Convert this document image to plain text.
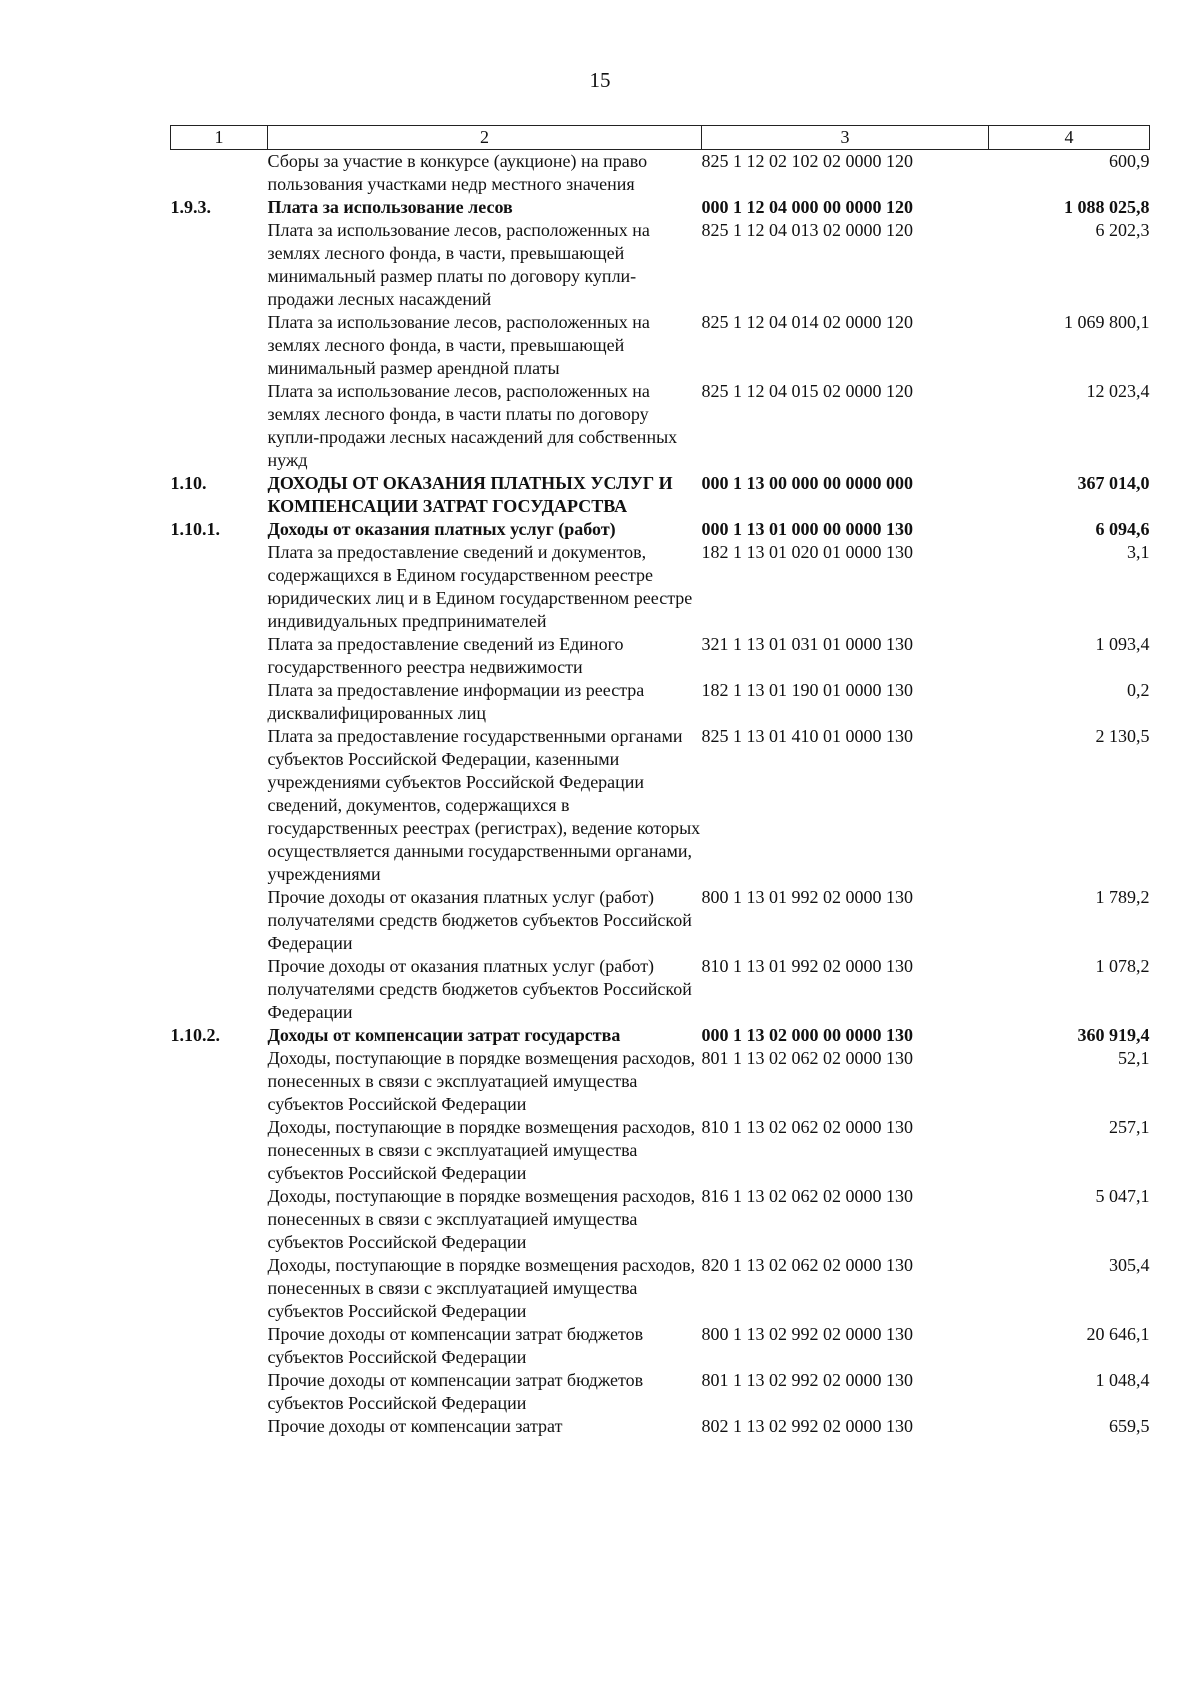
15
1	2	3	4
	Сборы за участие в конкурсе (аукционе) на право пользования участками недр местного значения	825 1 12 02 102 02 0000 120	600,9
1.9.3.	Плата за использование лесов	000 1 12 04 000 00 0000 120	1 088 025,8
	Плата за использование лесов, расположенных на землях лесного фонда, в части, превышающей минимальный размер платы по договору купли-продажи лесных насаждений	825 1 12 04 013 02 0000 120	6 202,3
	Плата за использование лесов, расположенных на землях лесного фонда, в части, превышающей минимальный размер арендной платы	825 1 12 04 014 02 0000 120	1 069 800,1
	Плата за использование лесов, расположенных на землях лесного фонда, в части платы по договору купли-продажи лесных насаждений для собственных нужд	825 1 12 04 015 02 0000 120	12 023,4
1.10.	ДОХОДЫ ОТ ОКАЗАНИЯ ПЛАТНЫХ УСЛУГ И КОМПЕНСАЦИИ ЗАТРАТ ГОСУДАРСТВА	000 1 13 00 000 00 0000 000	367 014,0
1.10.1.	Доходы от оказания платных услуг (работ)	000 1 13 01 000 00 0000 130	6 094,6
	Плата за предоставление сведений и документов, содержащихся в Едином государственном реестре юридических лиц и в Едином государственном реестре индивидуальных предпринимателей	182 1 13 01 020 01 0000 130	3,1
	Плата за предоставление сведений из Единого государственного реестра недвижимости	321 1 13 01 031 01 0000 130	1 093,4
	Плата за предоставление информации из реестра дисквалифицированных лиц	182 1 13 01 190 01 0000 130	0,2
	Плата за предоставление государственными органами субъектов Российской Федерации, казенными учреждениями субъектов Российской Федерации сведений, документов, содержащихся в государственных реестрах (регистрах), ведение которых осуществляется данными государственными органами, учреждениями	825 1 13 01 410 01 0000 130	2 130,5
	Прочие доходы от оказания платных услуг (работ) получателями средств бюджетов субъектов Российской Федерации	800 1 13 01 992 02 0000 130	1 789,2
	Прочие доходы от оказания платных услуг (работ) получателями средств бюджетов субъектов Российской Федерации	810 1 13 01 992 02 0000 130	1 078,2
1.10.2.	Доходы от компенсации затрат государства	000 1 13 02 000 00 0000 130	360 919,4
	Доходы, поступающие в порядке возмещения расходов, понесенных в связи с эксплуатацией имущества субъектов Российской Федерации	801 1 13 02 062 02 0000 130	52,1
	Доходы, поступающие в порядке возмещения расходов, понесенных в связи с эксплуатацией имущества субъектов Российской Федерации	810 1 13 02 062 02 0000 130	257,1
	Доходы, поступающие в порядке возмещения расходов, понесенных в связи с эксплуатацией имущества субъектов Российской Федерации	816 1 13 02 062 02 0000 130	5 047,1
	Доходы, поступающие в порядке возмещения расходов, понесенных в связи с эксплуатацией имущества субъектов Российской Федерации	820 1 13 02 062 02 0000 130	305,4
	Прочие доходы от компенсации затрат бюджетов субъектов Российской Федерации	800 1 13 02 992 02 0000 130	20 646,1
	Прочие доходы от компенсации затрат бюджетов субъектов Российской Федерации	801 1 13 02 992 02 0000 130	1 048,4
	Прочие доходы от компенсации затрат	802 1 13 02 992 02 0000 130	659,5
